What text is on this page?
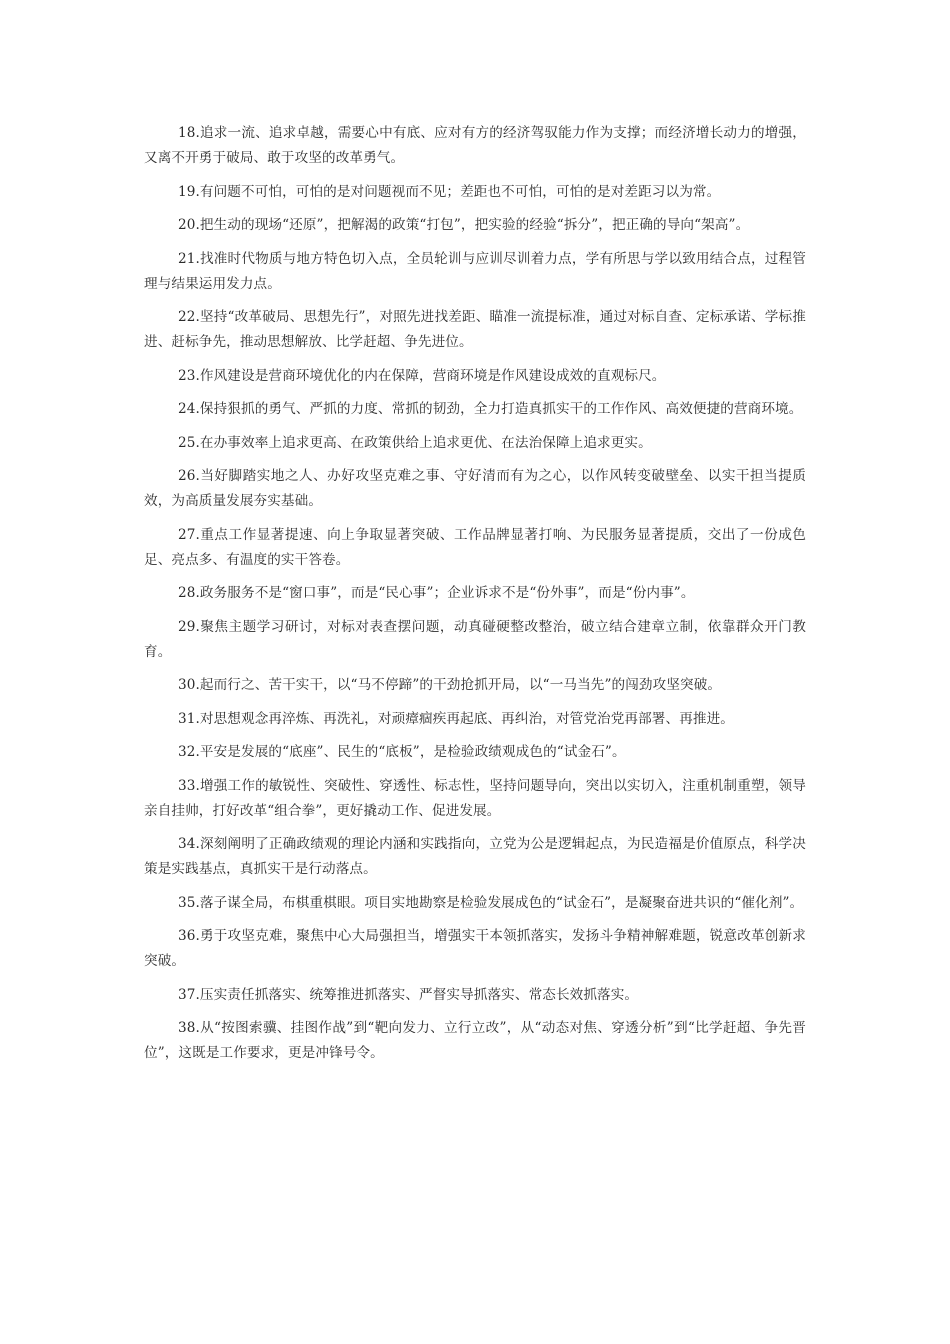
18.追求一流、追求卓越，需要心中有底、应对有方的经济驾驭能力作为支撑；而经济增长动力的增强，又离不开勇于破局、敢于攻坚的改革勇气。

19.有问题不可怕，可怕的是对问题视而不见；差距也不可怕，可怕的是对差距习以为常。

20.把生动的现场“还原”，把解渴的政策“打包”，把实验的经验“拆分”，把正确的导向“架高”。

21.找准时代物质与地方特色切入点，全员轮训与应训尽训着力点，学有所思与学以致用结合点，过程管理与结果运用发力点。

22.坚持“改革破局、思想先行”，对照先进找差距、瞄准一流提标准，通过对标自查、定标承诺、学标推进、赶标争先，推动思想解放、比学赶超、争先进位。

23.作风建设是营商环境优化的内在保障，营商环境是作风建设成效的直观标尺。

24.保持狠抓的勇气、严抓的力度、常抓的韧劲，全力打造真抓实干的工作作风、高效便捷的营商环境。

25.在办事效率上追求更高、在政策供给上追求更优、在法治保障上追求更实。

26.当好脚踏实地之人、办好攻坚克难之事、守好清而有为之心，以作风转变破壁垒、以实干担当提质效，为高质量发展夯实基础。

27.重点工作显著提速、向上争取显著突破、工作品牌显著打响、为民服务显著提质，交出了一份成色足、亮点多、有温度的实干答卷。

28.政务服务不是“窗口事”，而是“民心事”；企业诉求不是“份外事”，而是“份内事”。

29.聚焦主题学习研讨，对标对表查摆问题，动真碰硬整改整治，破立结合建章立制，依靠群众开门教育。

30.起而行之、苦干实干，以“马不停蹄”的干劲抢抓开局，以“一马当先”的闯劲攻坚突破。

31.对思想观念再淬炼、再洗礼，对顽瘴痼疾再起底、再纠治，对管党治党再部署、再推进。

32.平安是发展的“底座”、民生的“底板”，是检验政绩观成色的“试金石”。

33.增强工作的敏锐性、突破性、穿透性、标志性，坚持问题导向，突出以实切入，注重机制重塑，领导亲自挂帅，打好改革“组合拳”，更好撬动工作、促进发展。

34.深刻阐明了正确政绩观的理论内涵和实践指向，立党为公是逻辑起点，为民造福是价值原点，科学决策是实践基点，真抓实干是行动落点。

35.落子谋全局，布棋重棋眼。项目实地勘察是检验发展成色的“试金石”，是凝聚奋进共识的“催化剂”。

36.勇于攻坚克难，聚焦中心大局强担当，增强实干本领抓落实，发扬斗争精神解难题，锐意改革创新求突破。

37.压实责任抓落实、统筹推进抓落实、严督实导抓落实、常态长效抓落实。

38.从“按图索骥、挂图作战”到“靶向发力、立行立改”，从“动态对焦、穿透分析”到“比学赶超、争先晋位”，这既是工作要求，更是冲锋号令。
